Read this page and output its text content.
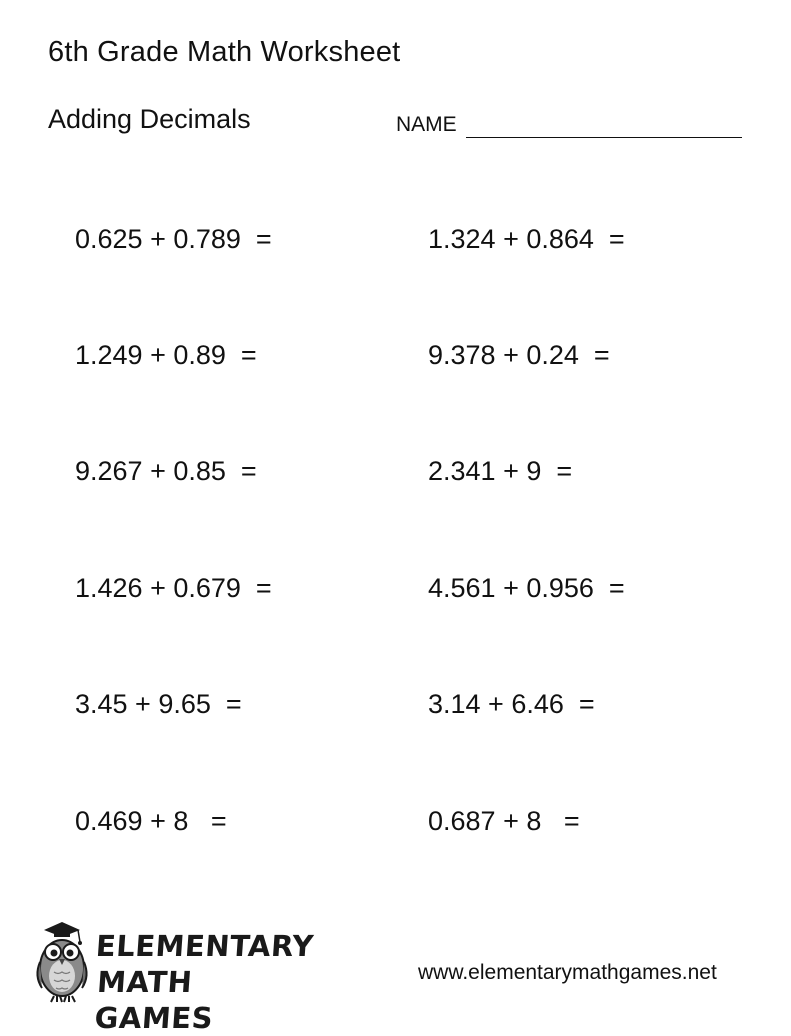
6th Grade Math Worksheet
Adding Decimals	NAME
0.625 + 0.789  =
1.249 + 0.89  =
9.267 + 0.85  =
1.426 + 0.679  =
3.45 + 9.65  =
0.469 + 8   =
1.324 + 0.864  =
9.378 + 0.24  =
2.341 + 9  =
4.561 + 0.956  =
3.14 + 6.46  =
0.687 + 8   =
ELEMENTARY
MATH GAMES
www.elementarymathgames.net
